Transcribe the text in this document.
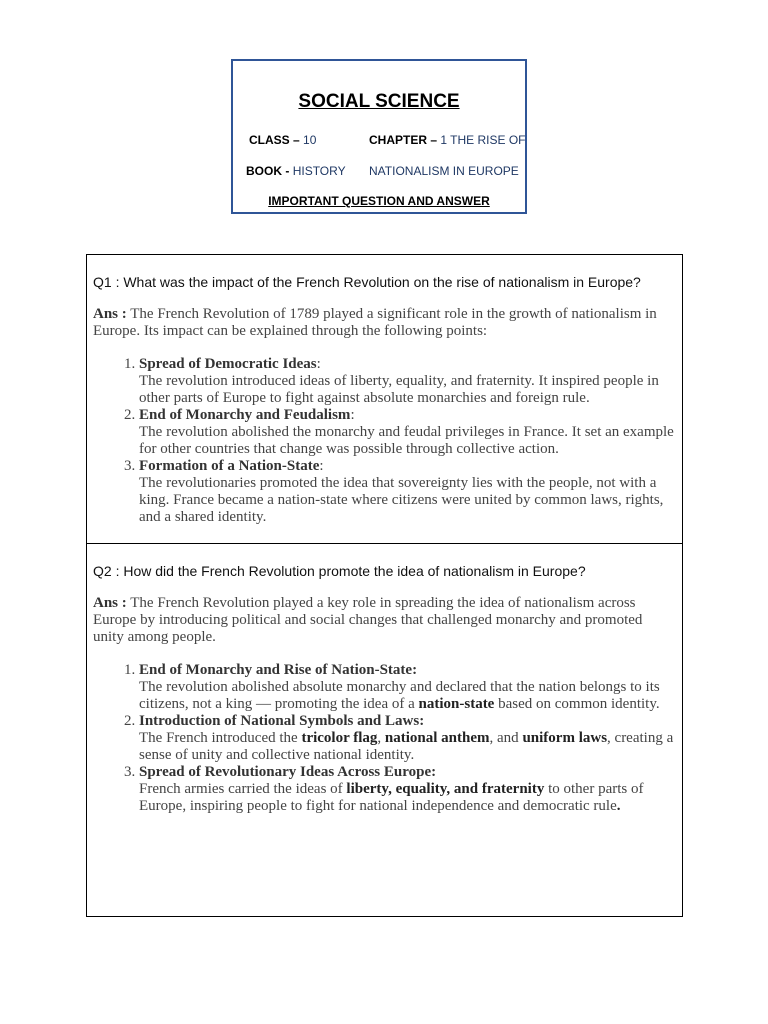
SOCIAL SCIENCE
CLASS – 10	CHAPTER – 1 THE RISE OF
BOOK - HISTORY NATIONALISM IN EUROPE
IMPORTANT QUESTION AND ANSWER
Q1 : What was the impact of the French Revolution on the rise of nationalism in Europe?
Ans : The French Revolution of 1789 played a significant role in the growth of nationalism in Europe. Its impact can be explained through the following points:
1. Spread of Democratic Ideas:
The revolution introduced ideas of liberty, equality, and fraternity. It inspired people in other parts of Europe to fight against absolute monarchies and foreign rule.
2. End of Monarchy and Feudalism:
The revolution abolished the monarchy and feudal privileges in France. It set an example for other countries that change was possible through collective action.
3. Formation of a Nation-State:
The revolutionaries promoted the idea that sovereignty lies with the people, not with a king. France became a nation-state where citizens were united by common laws, rights, and a shared identity.
Q2 : How did the French Revolution promote the idea of nationalism in Europe?
Ans : The French Revolution played a key role in spreading the idea of nationalism across Europe by introducing political and social changes that challenged monarchy and promoted unity among people.
1. End of Monarchy and Rise of Nation-State:
The revolution abolished absolute monarchy and declared that the nation belongs to its citizens, not a king — promoting the idea of a nation-state based on common identity.
2. Introduction of National Symbols and Laws:
The French introduced the tricolor flag, national anthem, and uniform laws, creating a sense of unity and collective national identity.
3. Spread of Revolutionary Ideas Across Europe:
French armies carried the ideas of liberty, equality, and fraternity to other parts of Europe, inspiring people to fight for national independence and democratic rule.
